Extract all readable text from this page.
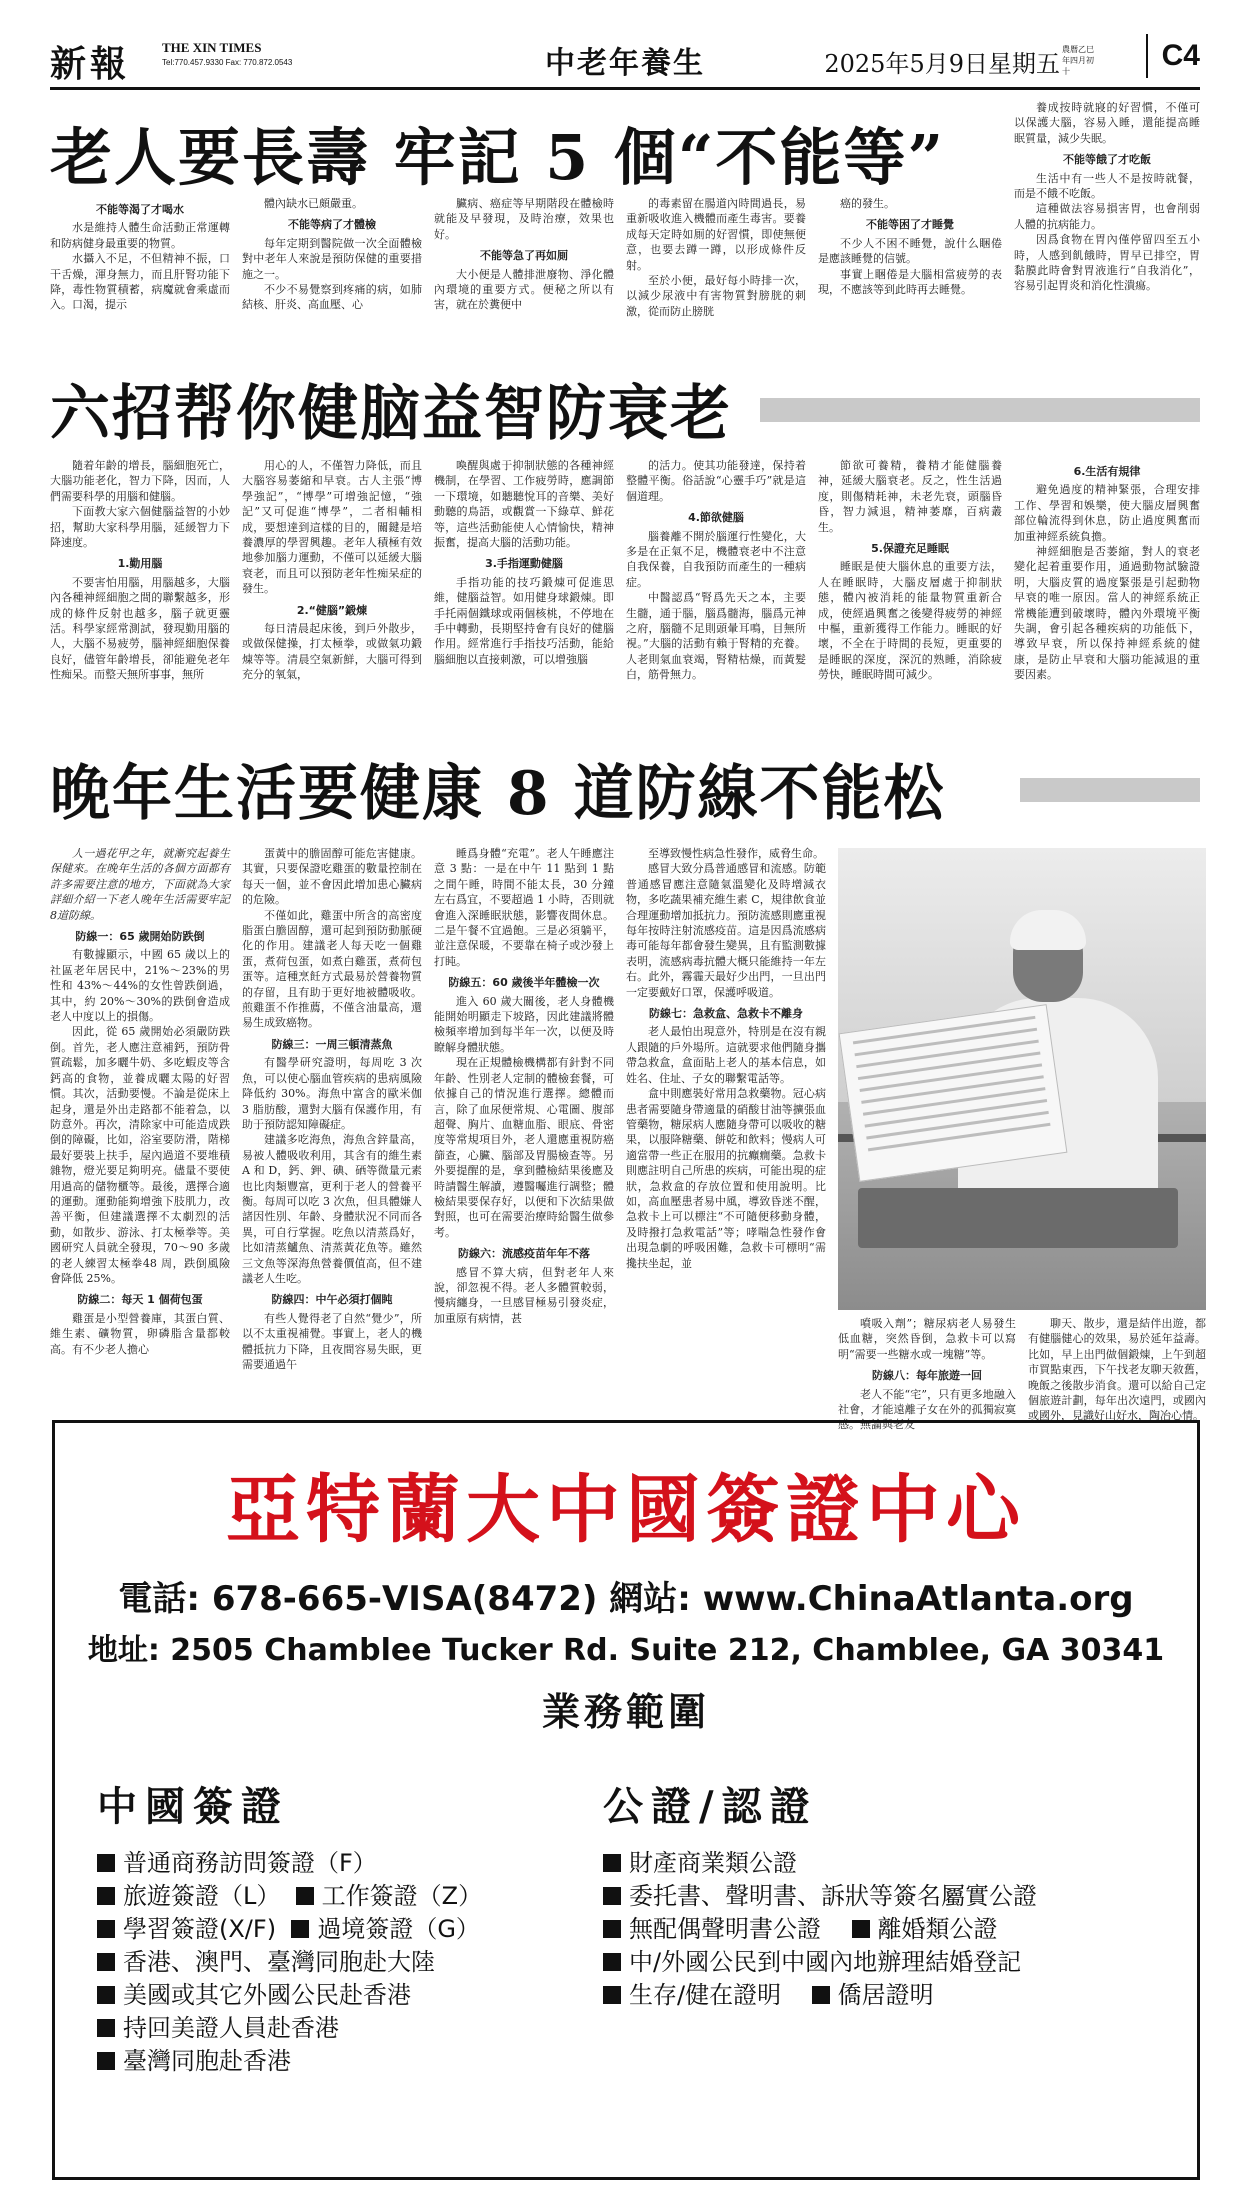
新報 THE XIN TIMES
Tel:770.457.9330 Fax: 770.872.0543	中老年養生	2025年5月9日星期五
農曆乙巳年四月初十	C4
老人要長壽 牢記 5 個“不能等”
不能等渴了才喝水

水是維持人體生命活動正常運轉和防病健身最重要的物質。

水攝入不足，不但精神不振，口干舌燥，渾身無力，而且肝腎功能下降，毒性物質積蓄，病魔就會乘虛而入。口渴，提示

體內缺水已頗嚴重。

不能等病了才體檢

每年定期到醫院做一次全面體檢對中老年人來說是預防保健的重要措施之一。

不少不易覺察到疼痛的病，如肺結核、肝炎、高血壓、心

臟病、癌症等早期階段在體檢時就能及早發現，及時治療，效果也好。

不能等急了再如厠

大小便是人體排泄廢物、淨化體內環境的重要方式。便秘之所以有害，就在於糞便中

的毒素留在腸道內時間過長，易重新吸收進入機體而產生毒害。要養成每天定時如厠的好習慣，即使無便意，也要去蹲一蹲，以形成條件反射。

至於小便，最好每小時排一次，以減少尿液中有害物質對膀胱的刺激，從而防止膀胱

癌的發生。

不能等困了才睡覺

不少人不困不睡覺，說什么睏倦是應該睡覺的信號。

事實上睏倦是大腦相當疲勞的表現，不應該等到此時再去睡覺。

養成按時就寢的好習慣，不僅可以保護大腦，容易入睡，還能提高睡眠質量，減少失眠。

不能等餓了才吃飯

生活中有一些人不是按時就餐，而是不餓不吃飯。

這種做法容易損害胃，也會削弱人體的抗病能力。

因爲食物在胃內僅停留四至五小時，人感到飢餓時，胃早已排空，胃黏膜此時會對胃液進行“自我消化”，容易引起胃炎和消化性潰瘍。

六招帮你健脑益智防衰老

隨着年齡的增長，腦細胞死亡，大腦功能老化，智力下降，因而，人們需要科學的用腦和健腦。

下面教大家六個健腦益智的小妙招，幫助大家科學用腦，延緩智力下降速度。

1.勤用腦

不要害怕用腦，用腦越多，大腦內各種神經細胞之間的聯繫越多，形成的條件反射也越多，腦子就更靈活。科學家經常測試，發現勤用腦的人，大腦不易疲勞，腦神經細胞保養良好，儘管年齡增長，卻能避免老年性痴呆。而整天無所事事，無所

用心的人，不僅智力降低，而且大腦容易萎縮和早衰。古人主張“博學強記”，“博學”可增強記憶，“強記”又可促進“博學”，二者相輔相成，要想達到這樣的目的，關鍵是培養濃厚的學習興趣。老年人積極有效地參加腦力運動，不僅可以延緩大腦衰老，而且可以預防老年性痴呆症的發生。

2.“健腦”鍛煉

每日清晨起床後，到戶外散步，或做保健操，打太極拳，或做氣功鍛煉等等。清晨空氣新鮮，大腦可得到充分的氧氣，

喚醒與處于抑制狀態的各種神經機制，在學習、工作疲勞時，應調節一下環境，如聽聽悅耳的音樂、美好動聽的鳥語，或觀賞一下綠草、鮮花等，這些活動能使人心情愉快，精神振奮，提高大腦的活動功能。

3.手指運動健腦

手指功能的技巧鍛煉可促進思維，健腦益智。如用健身球鍛煉。即手托兩個鐵球或兩個核桃，不停地在手中轉動，長期堅持會有良好的健腦作用。經常進行手指技巧活動，能給腦細胞以直接刺激，可以增強腦

的活力。使其功能發達，保持着整體平衡。俗話說“心靈手巧”就是這個道理。

4.節欲健腦

腦養離不開於腦運行性變化，大多是在正氣不足，機體衰老中不注意自我保養，自我預防而產生的一種病症。

中醫認爲“腎爲先天之本，主要生髓，通于腦，腦爲髓海，腦爲元神之府，腦髓不足則頭暈耳鳴，目無所視。”大腦的活動有賴于腎精的充養。人老則氣血衰竭，腎精枯燥，而黃髮白，筋骨無力。

節欲可養精，養精才能健腦養神，延緩大腦衰老。反之，性生活過度，則傷精耗神，未老先衰，頭腦昏昏，智力減退，精神萎靡，百病叢生。

5.保證充足睡眠

睡眠是使大腦休息的重要方法，人在睡眠時，大腦皮層處于抑制狀態，體內被消耗的能量物質重新合成，使經過興奮之後變得疲勞的神經中樞，重新獲得工作能力。睡眠的好壞，不全在于時間的長短，更重要的是睡眠的深度，深沉的熟睡，消除疲勞快，睡眠時間可減少。

6.生活有規律

避免過度的精神緊張，合理安排工作、學習和娛樂，使大腦皮層興奮部位輪流得到休息，防止過度興奮而加重神經系統負擔。

神經細胞是否萎縮，對人的衰老變化起着重要作用，通過動物試驗證明，大腦皮質的過度緊張是引起動物早衰的唯一原因。當人的神經系統正常機能遭到破壞時，體內外環境平衡失調，會引起各種疾病的功能低下，導致早衰，所以保持神經系統的健康，是防止早衰和大腦功能減退的重要因素。

晚年生活要健康 8 道防線不能松

人一過花甲之年，就漸究起養生保健來。在晚年生活的各個方面都有許多需要注意的地方，下面就為大家詳細介紹一下老人晚年生活需要牢記8道防線。

防線一：65 歲開始防跌倒

有數據顯示，中國 65 歲以上的社區老年居民中，21%～23%的男性和 43%～44%的女性曾跌倒過，其中，約 20%～30%的跌倒會造成老人中度以上的損傷。

因此，從 65 歲開始必須嚴防跌倒。首先，老人應注意補鈣，預防骨質疏鬆，加多曬牛奶、多吃蝦皮等含鈣高的食物，並養成曬太陽的好習慣。其次，活動要慢。不論是從床上起身，還是外出走路都不能着急，以防意外。再次，清除家中可能造成跌倒的障礙，比如，浴室要防滑，階梯最好要裝上扶手，屋內過道不要堆積雜物，燈光要足夠明亮。儘量不要使用過高的儲物櫃等。最後，選擇合適的運動。運動能夠增強下肢肌力，改善平衡，但建議選擇不太劇烈的活動，如散步、游泳、打太極拳等。美國研究人員就全發現，70～90 多歲的老人練習太極拳48 周，跌倒風險會降低 25%。

防線二：每天 1 個荷包蛋

雞蛋是小型營養庫，其蛋白質、維生素、礦物質，卵磷脂含量都較高。有不少老人擔心

蛋黃中的膽固醇可能危害健康。其實，只要保證吃雞蛋的數量控制在每天一個，並不會因此增加患心臟病的危險。

不僅如此，雞蛋中所含的高密度脂蛋白膽固醇，還可起到預防動脈硬化的作用。建議老人每天吃一個雞蛋，煮荷包蛋，如煮白雞蛋，煮荷包蛋等。這種烹飪方式最易於營養物質的存留，且有助于更好地被體吸收。煎雞蛋不作推薦，不僅含油量高，還易生成致癌物。

防線三：一周三頓清蒸魚

有醫學研究證明，每周吃 3 次魚，可以使心腦血管疾病的患病風險降低約 30%。海魚中富含的歐米伽 3 脂肪酸，還對大腦有保護作用，有助于預防認知障礙症。

建議多吃海魚，海魚含鋅量高，易被人體吸收利用，其含有的維生素 A 和 D，鈣、鉀、碘、硒等微量元素也比肉類豐富，更利于老人的營養平衡。每周可以吃 3 次魚，但具體嫌人諸因性別、年齡、身體狀況不同而各異，可自行掌握。吃魚以清蒸爲好，比如清蒸鱸魚、清蒸黃花魚等。雖然三文魚等深海魚營養價值高，但不建議老人生吃。

防線四：中午必須打個盹

有些人覺得老了自然“覺少”，所以不太重視補覺。事實上，老人的機體抵抗力下降，且夜間容易失眠，更需要通過午

睡爲身體“充電”。老人午睡應注意 3 點：一是在中午 11 點到 1 點之間午睡，時間不能太長，30 分鐘左右爲宜，不要超過 1 小時，否則就會進入深睡眠狀態，影響夜間休息。二是午餐不宜過飽。三是必須躺平，並注意保暖，不要靠在椅子或沙發上打盹。

防線五：60 歲後半年體檢一次

進入 60 歲大關後，老人身體機能開始明顯走下坡路，因此建議將體檢頻率增加到每半年一次，以便及時瞭解身體狀態。

現在正規體檢機構都有針對不同年齡、性別老人定制的體檢套餐，可依據自己的情況進行選擇。總體而言，除了血尿便常規、心電圖、腹部超聲、胸片、血糖血脂、眼底、骨密度等常規項目外，老人還應重視防癌篩查，心臟、腦部及胃腸檢查等。另外要提醒的是，拿到體檢結果後應及時請醫生解讀，遵醫囑進行調整；體檢結果要保存好，以便和下次結果做對照，也可在需要治療時給醫生做參考。

防線六：流感疫苗年年不落

感冒不算大病，但對老年人來說，卻忽視不得。老人多體質較弱，慢病纏身，一旦感冒極易引發炎症，加重原有病情，甚

至導致慢性病急性發作，威脅生命。

感冒大致分爲普通感冒和流感。防範普通感冒應注意隨氣溫變化及時增減衣物，多吃蔬果補充維生素 C，規律飲食並合理運動增加抵抗力。預防流感則應重視每年按時注射流感疫苗。這是因爲流感病毒可能每年都會發生變異，且有監測數據表明，流感病毒抗體大概只能維持一年左右。此外，霧霾天最好少出門，一旦出門一定要戴好口罩，保護呼吸道。

防線七：急救盒、急救卡不離身

老人最怕出現意外，特別是在沒有親人跟隨的戶外場所。這就要求他們隨身攜帶急救盒，盒面貼上老人的基本信息，如姓名、住址、子女的聯繫電話等。

盒中則應裝好常用急救藥物。冠心病患者需要隨身帶適量的硝酸甘油等擴張血管藥物，糖尿病人應隨身帶可以吸收的糖果，以服降糖藥、餅乾和飲料；慢病人可適當帶一些正在服用的抗癲癇藥。急救卡則應註明自己所患的疾病，可能出現的症狀，急救盒的存放位置和使用說明。比如，高血壓患者易中風，導致昏迷不醒，急救卡上可以標注“不可隨便移動身體，及時撥打急救電話”等；哮喘急性發作會出現急劇的呼吸困難，急救卡可標明“需攙扶坐起，並

噴吸入劑”；糖尿病老人易發生低血糖，突然昏倒，急救卡可以寫明“需要一些糖水或一塊糖”等。

防線八：每年旅遊一回

老人不能“宅”，只有更多地融入社會，才能遠離子女在外的孤獨寂寞感。無論與老友

聊天、散步，還是結伴出遊，都有健腦健心的效果，易於延年益壽。比如，早上出門做個鍛煉，上午到超市買點東西，下午找老友聊天敘舊，晚飯之後散步消食。還可以給自己定個旅遊計劃，每年出次遠門，或國內或國外，見識好山好水，陶冶心情。

亞特蘭大中國簽證中心
電話: 678-665-VISA(8472) 網站: www.ChinaAtlanta.org
地址: 2505 Chamblee Tucker Rd. Suite 212, Chamblee, GA 30341
業務範圍
中國簽證
普通商務訪問簽證（F）
旅遊簽證（L） 工作簽證（Z）
學習簽證(X/F) 過境簽證（G）
香港、澳門、臺灣同胞赴大陸
美國或其它外國公民赴香港
持回美證人員赴香港
臺灣同胞赴香港
公證/認證
財產商業類公證
委托書、聲明書、訴狀等簽名屬實公證
無配偶聲明書公證 離婚類公證
中/外國公民到中國內地辦理結婚登記
生存/健在證明 僑居證明
